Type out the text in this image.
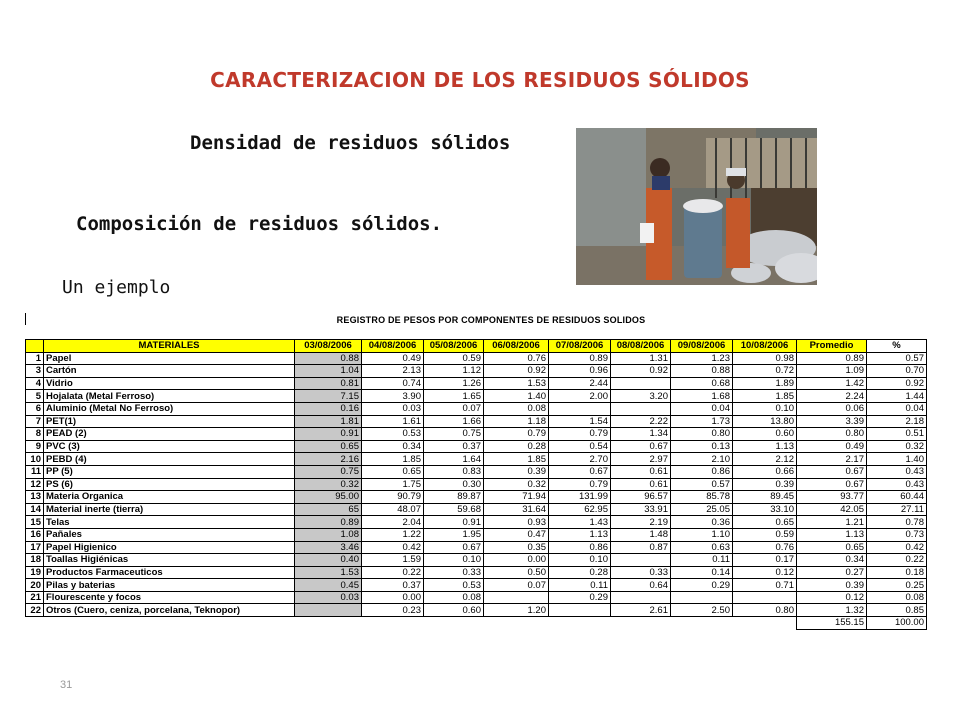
CARACTERIZACION DE LOS RESIDUOS SÓLIDOS
Densidad de residuos sólidos
Composición de residuos sólidos.
Un ejemplo
REGISTRO DE PESOS POR COMPONENTES DE RESIDUOS SOLIDOS
	MATERIALES	03/08/2006	04/08/2006	05/08/2006	06/08/2006	07/08/2006	08/08/2006	09/08/2006	10/08/2006	Promedio	%
1	Papel	0.88	0.49	0.59	0.76	0.89	1.31	1.23	0.98	0.89	0.57
3	Cartón	1.04	2.13	1.12	0.92	0.96	0.92	0.88	0.72	1.09	0.70
4	Vidrio	0.81	0.74	1.26	1.53	2.44		0.68	1.89	1.42	0.92
5	Hojalata (Metal Ferroso)	7.15	3.90	1.65	1.40	2.00	3.20	1.68	1.85	2.24	1.44
6	Aluminio (Metal No Ferroso)	0.16	0.03	0.07	0.08			0.04	0.10	0.06	0.04
7	PET(1)	1.81	1.61	1.66	1.18	1.54	2.22	1.73	13.80	3.39	2.18
8	PEAD (2)	0.91	0.53	0.75	0.79	0.79	1.34	0.80	0.60	0.80	0.51
9	PVC (3)	0.65	0.34	0.37	0.28	0.54	0.67	0.13	1.13	0.49	0.32
10	PEBD (4)	2.16	1.85	1.64	1.85	2.70	2.97	2.10	2.12	2.17	1.40
11	PP (5)	0.75	0.65	0.83	0.39	0.67	0.61	0.86	0.66	0.67	0.43
12	PS (6)	0.32	1.75	0.30	0.32	0.79	0.61	0.57	0.39	0.67	0.43
13	Materia Organica	95.00	90.79	89.87	71.94	131.99	96.57	85.78	89.45	93.77	60.44
14	Material inerte (tierra)	65	48.07	59.68	31.64	62.95	33.91	25.05	33.10	42.05	27.11
15	Telas	0.89	2.04	0.91	0.93	1.43	2.19	0.36	0.65	1.21	0.78
16	Pañales	1.08	1.22	1.95	0.47	1.13	1.48	1.10	0.59	1.13	0.73
17	Papel Higienico	3.46	0.42	0.67	0.35	0.86	0.87	0.63	0.76	0.65	0.42
18	Toallas Higiénicas	0.40	1.59	0.10	0.00	0.10		0.11	0.17	0.34	0.22
19	Productos Farmaceuticos	1.53	0.22	0.33	0.50	0.28	0.33	0.14	0.12	0.27	0.18
20	Pilas y baterias	0.45	0.37	0.53	0.07	0.11	0.64	0.29	0.71	0.39	0.25
21	Flourescente y focos	0.03	0.00	0.08		0.29				0.12	0.08
22	Otros (Cuero, ceniza, porcelana, Teknopor)		0.23	0.60	1.20		2.61	2.50	0.80	1.32	0.85
										155.15	100.00
31
